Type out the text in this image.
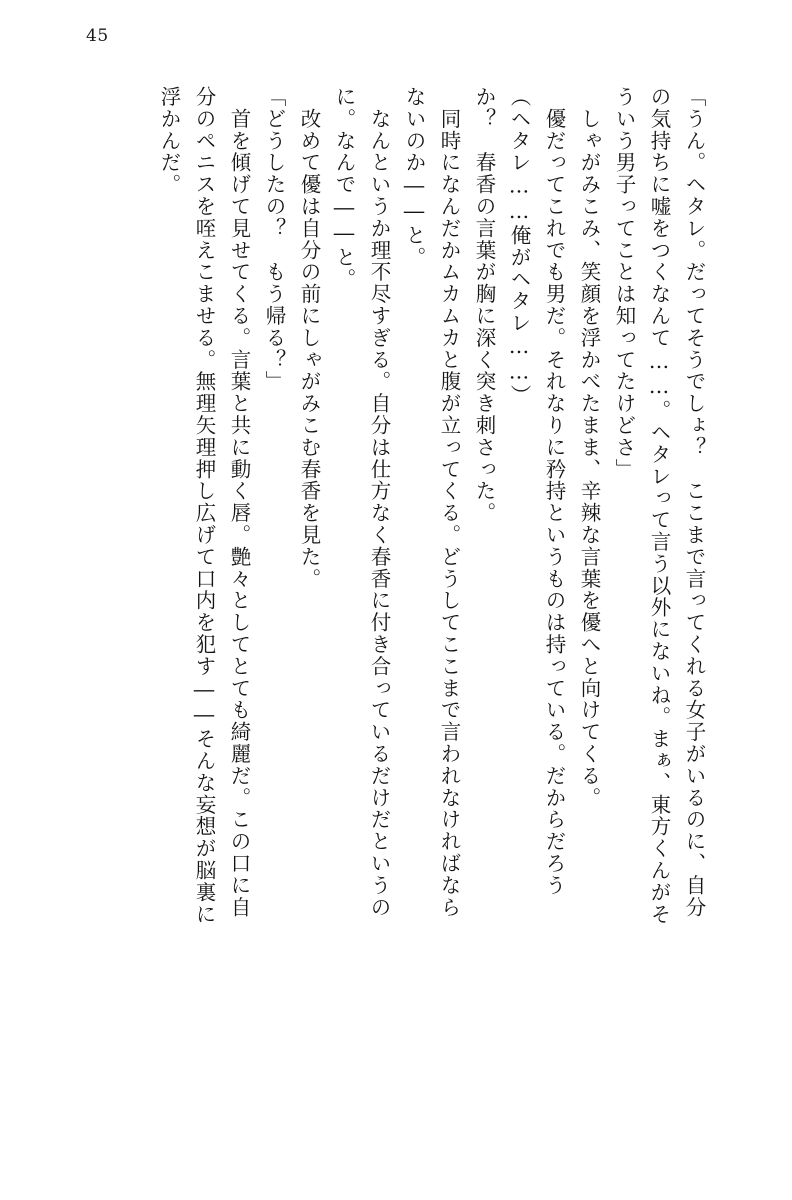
45
「うん。ヘタレ。だってそうでしょ？　ここまで言ってくれる女子がいるのに、自分
の気持ちに嘘をつくなんて……。ヘタレって言う以外にないね。まぁ、東方くんがそ
ういう男子ってことは知ってたけどさ」
　しゃがみこみ、笑顔を浮かべたまま、辛辣な言葉を優へと向けてくる。
　優だってこれでも男だ。それなりに矜持というものは持っている。だからだろう
（ヘタレ……俺がヘタレ……）
か？　春香の言葉が胸に深く突き刺さった。
　同時になんだかムカムカと腹が立ってくる。どうしてここまで言われなければなら
ないのか――と。
　なんというか理不尽すぎる。自分は仕方なく春香に付き合っているだけだというの
に。なんで――と。
　改めて優は自分の前にしゃがみこむ春香を見た。
「どうしたの？　もう帰る？」
　首を傾げて見せてくる。言葉と共に動く唇。艶々としてとても綺麗だ。この口に自
分のペニスを咥えこませる。無理矢理押し広げて口内を犯す――そんな妄想が脳裏に
浮かんだ。
